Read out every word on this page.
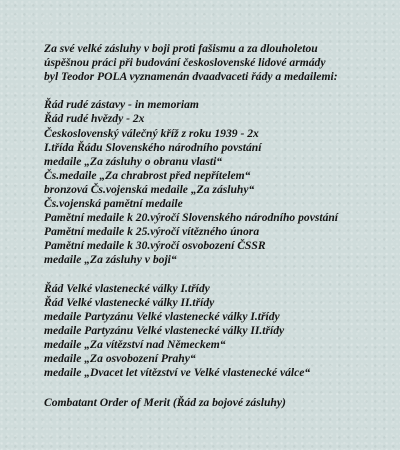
Za své velké zásluhy v boji proti fašismu a za dlouholetou
úspěšnou práci při budování československé lidové armády
byl Teodor POLA vyznamenán dvaadvaceti řády a medailemi:
Řád rudé zástavy - in memoriam
Řád rudé hvězdy - 2x
Československý válečný kříž z roku 1939 - 2x
I.třída Řádu Slovenského národního povstání
medaile „Za zásluhy o obranu vlasti“
Čs.medaile „Za chrabrost před nepřítelem“
bronzová Čs.vojenská medaile „Za zásluhy“
Čs.vojenská pamětní medaile
Pamětní medaile k 20.výročí Slovenského národního povstání
Pamětní medaile k 25.výročí vítězného února
Pamětní medaile k 30.výročí osvobození ČSSR
medaile „Za zásluhy v boji“
Řád Velké vlastenecké války I.třídy
Řád Velké vlastenecké války II.třídy
medaile Partyzánu Velké vlastenecké války I.třídy
medaile Partyzánu Velké vlastenecké války II.třídy
medaile „Za vítězství nad Německem“
medaile „Za osvobození Prahy“
medaile „Dvacet let vítězství ve Velké vlastenecké válce“
Combatant Order of Merit (Řád za bojové zásluhy)
